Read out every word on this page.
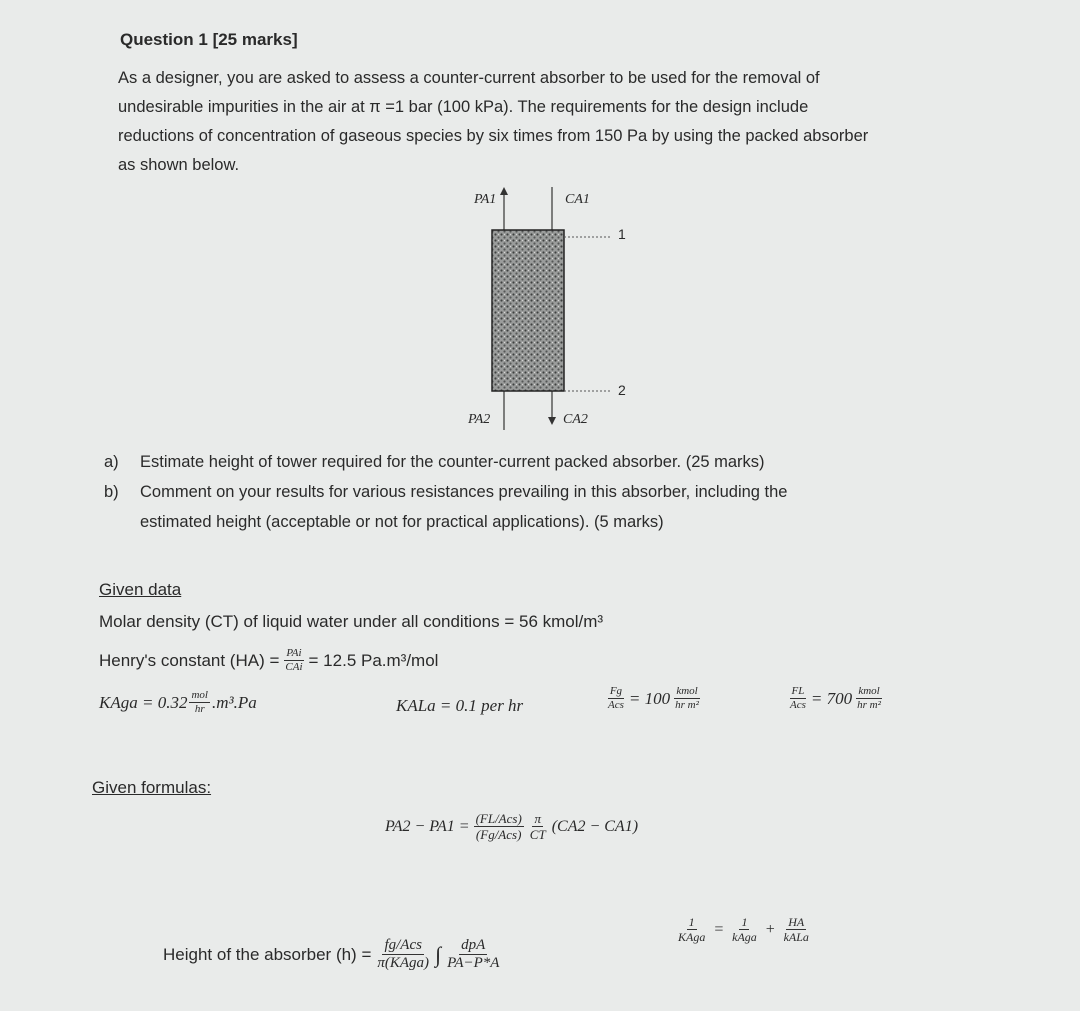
Question 1 [25 marks]
As a designer, you are asked to assess a counter-current absorber to be used for the removal of
undesirable impurities in the air at π =1 bar (100 kPa). The requirements for the design include
reductions of concentration of gaseous species by six times from 150 Pa by using the packed absorber
as shown below.
PA1	CA1
1
2
PA2	CA2
a) Estimate height of tower required for the counter-current packed absorber. (25 marks)
b) Comment on your results for various resistances prevailing in this absorber, including the
estimated height (acceptable or not for practical applications). (5 marks)
Given data
Molar density (CT) of liquid water under all conditions = 56 kmol/m³
Henry's constant $(HA) = \frac{\text{PAi}}{\text{CAi}} = 12.5$ Pa.m³/mol
KAga = $0.32 \frac{\text{mol}}{hr} .m^3.Pa$	KALa = 0.1 per hr	$\frac{Fg}{\text{Acs}} = 100 \frac{\text{kmol}}{\text{hr m²}}$	$\frac{FL}{\text{Acs}} = 700 \frac{\text{kmol}}{\text{hr m²}}$
Given formulas:
$PA2 - PA1 = \frac{\text{(FL/Acs)}}{\text{(Fg/Acs)}} \frac{\pi}{CT} (CA2 - CA1)$
Height of the absorber $(h) = \frac{\text{fg/Acs}}{\text{π(KAga)}}$ ∫ $\frac{\text{dpA}}{PA-P*A}$
$\frac{1}{\text{KAga}} = \frac{1}{\text{kAga}} + \frac{HA}{\text{kALa}}$
